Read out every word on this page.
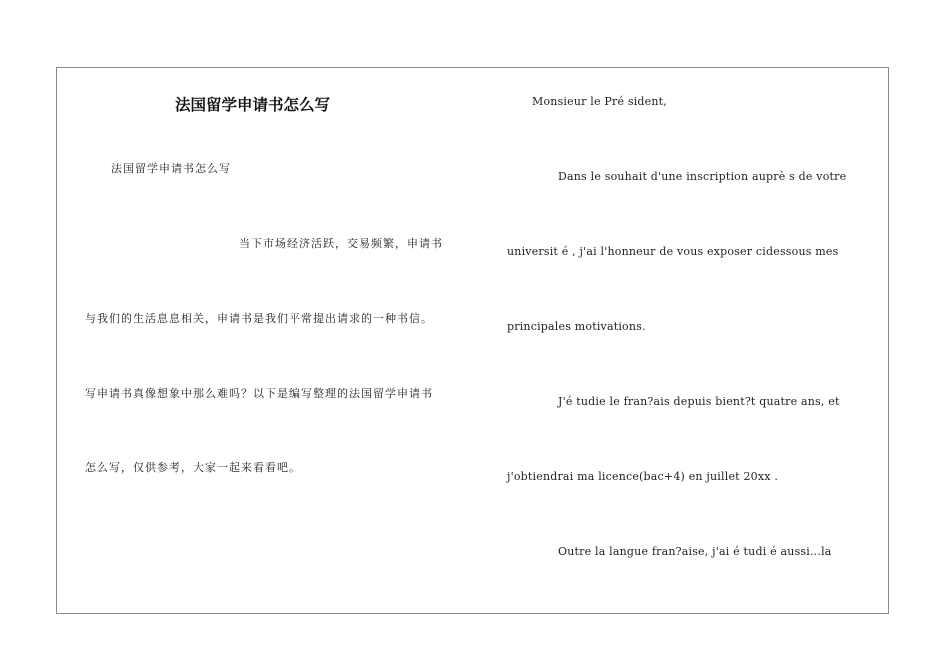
法国留学申请书怎么写
法国留学申请书怎么写
当下市场经济活跃，交易频繁，申请书
与我们的生活息息相关，申请书是我们平常提出请求的一种书信。
写申请书真像想象中那么难吗？以下是编写整理的法国留学申请书
怎么写，仅供参考，大家一起来看看吧。
Monsieur le Pré sident,
Dans le souhait d'une inscription auprè s de votre
universit é , j'ai l'honneur de vous exposer cidessous mes
principales motivations.
J'é tudie le fran?ais depuis bient?t quatre ans, et
j'obtiendrai ma licence(bac+4) en juillet 20xx .
Outre la langue fran?aise, j'ai é tudi é aussi...la
